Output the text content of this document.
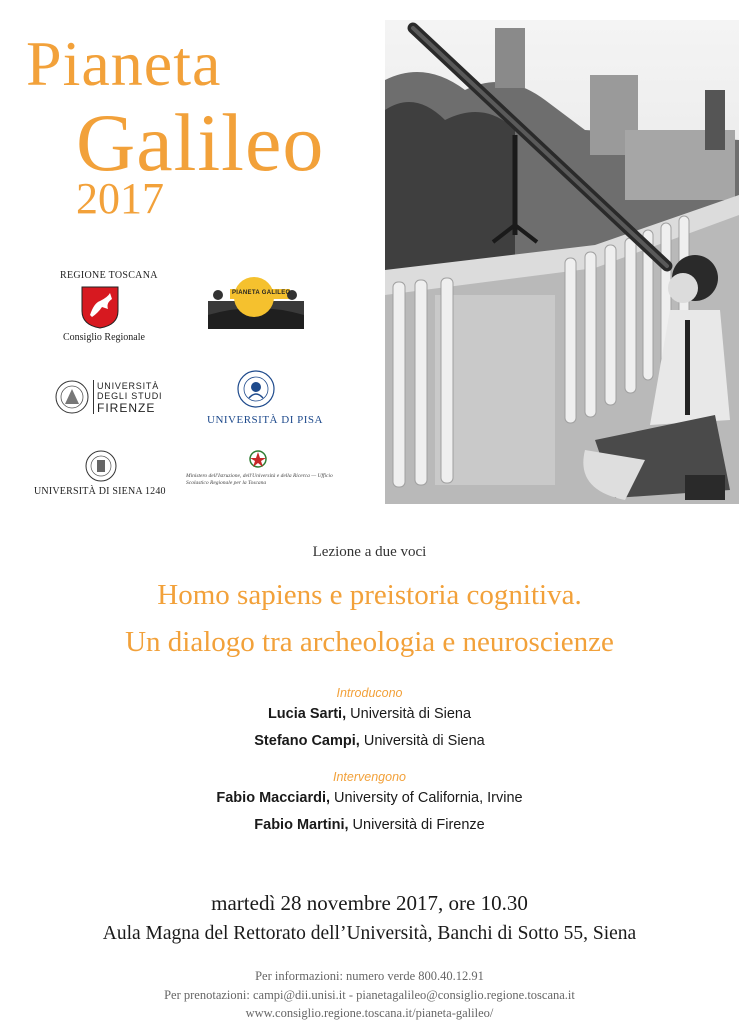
Pianeta
Galileo
2017
REGIONE TOSCANA
Consiglio Regionale
PIANETA GALILEO
UNIVERSITÀ
DEGLI STUDI
FIRENZE
UNIVERSITÀ DI PISA
UNIVERSITÀ DI SIENA 1240
Ministero dell'Istruzione, dell'Università e della Ricerca — Ufficio Scolastico Regionale per la Toscana
Lezione a due voci
Homo sapiens e preistoria cognitiva.
Un dialogo tra archeologia e neuroscienze
Introducono
Lucia Sarti, Università di Siena
Stefano Campi, Università di Siena
Intervengono
Fabio Macciardi, University of California, Irvine
Fabio Martini, Università di Firenze
martedì 28 novembre 2017, ore 10.30
Aula Magna del Rettorato dell’Università, Banchi di Sotto 55, Siena
Per informazioni: numero verde 800.40.12.91
Per prenotazioni: campi@dii.unisi.it - pianetagalileo@consiglio.regione.toscana.it
www.consiglio.regione.toscana.it/pianeta-galileo/
